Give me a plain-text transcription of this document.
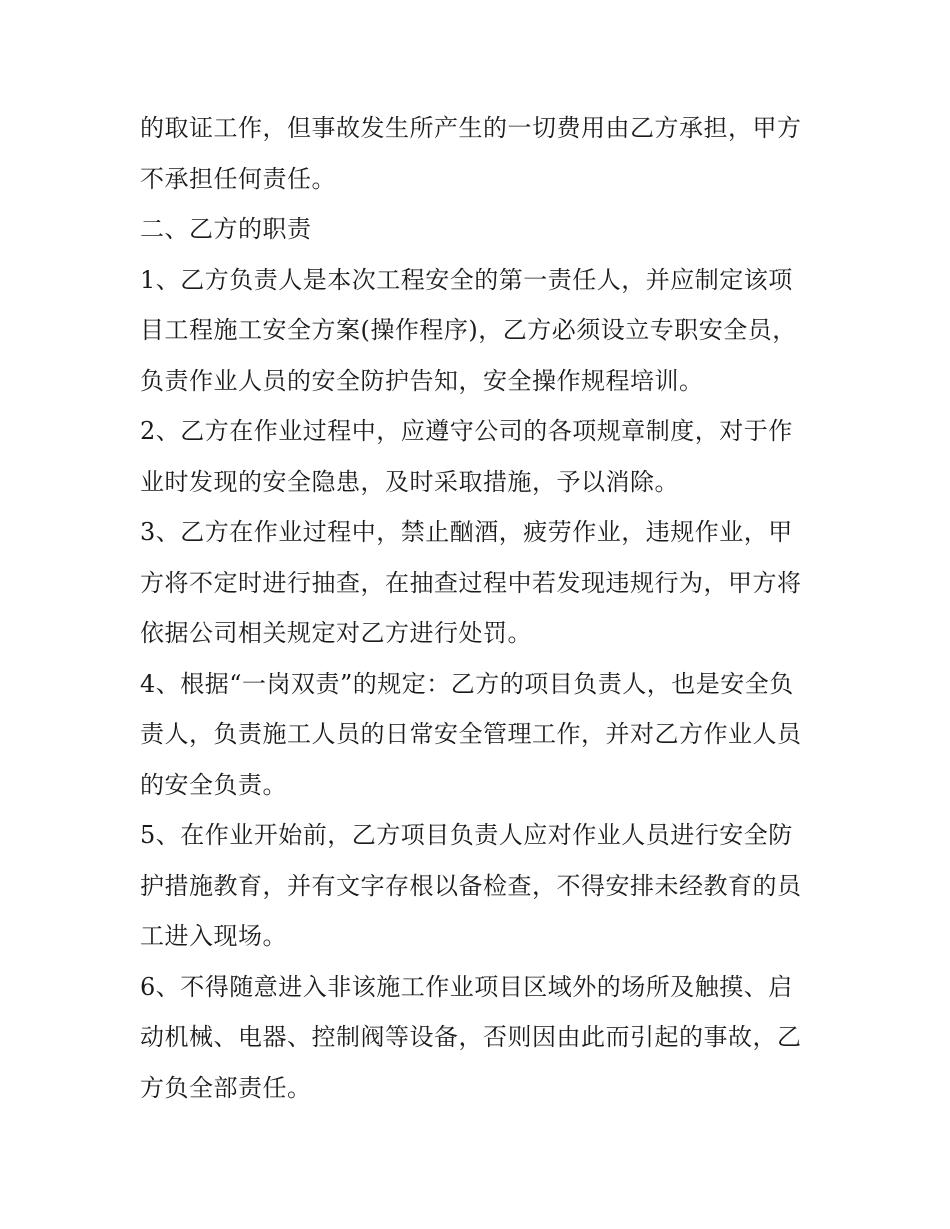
的取证工作，但事故发生所产生的一切费用由乙方承担，甲方
不承担任何责任。
二、乙方的职责
1、乙方负责人是本次工程安全的第一责任人，并应制定该项
目工程施工安全方案(操作程序)，乙方必须设立专职安全员，
负责作业人员的安全防护告知，安全操作规程培训。
2、乙方在作业过程中，应遵守公司的各项规章制度，对于作
业时发现的安全隐患，及时采取措施，予以消除。
3、乙方在作业过程中，禁止酗酒，疲劳作业，违规作业，甲
方将不定时进行抽查，在抽查过程中若发现违规行为，甲方将
依据公司相关规定对乙方进行处罚。
4、根据“一岗双责”的规定：乙方的项目负责人，也是安全负
责人，负责施工人员的日常安全管理工作，并对乙方作业人员
的安全负责。
5、在作业开始前，乙方项目负责人应对作业人员进行安全防
护措施教育，并有文字存根以备检查，不得安排未经教育的员
工进入现场。
6、不得随意进入非该施工作业项目区域外的场所及触摸、启
动机械、电器、控制阀等设备，否则因由此而引起的事故，乙
方负全部责任。
